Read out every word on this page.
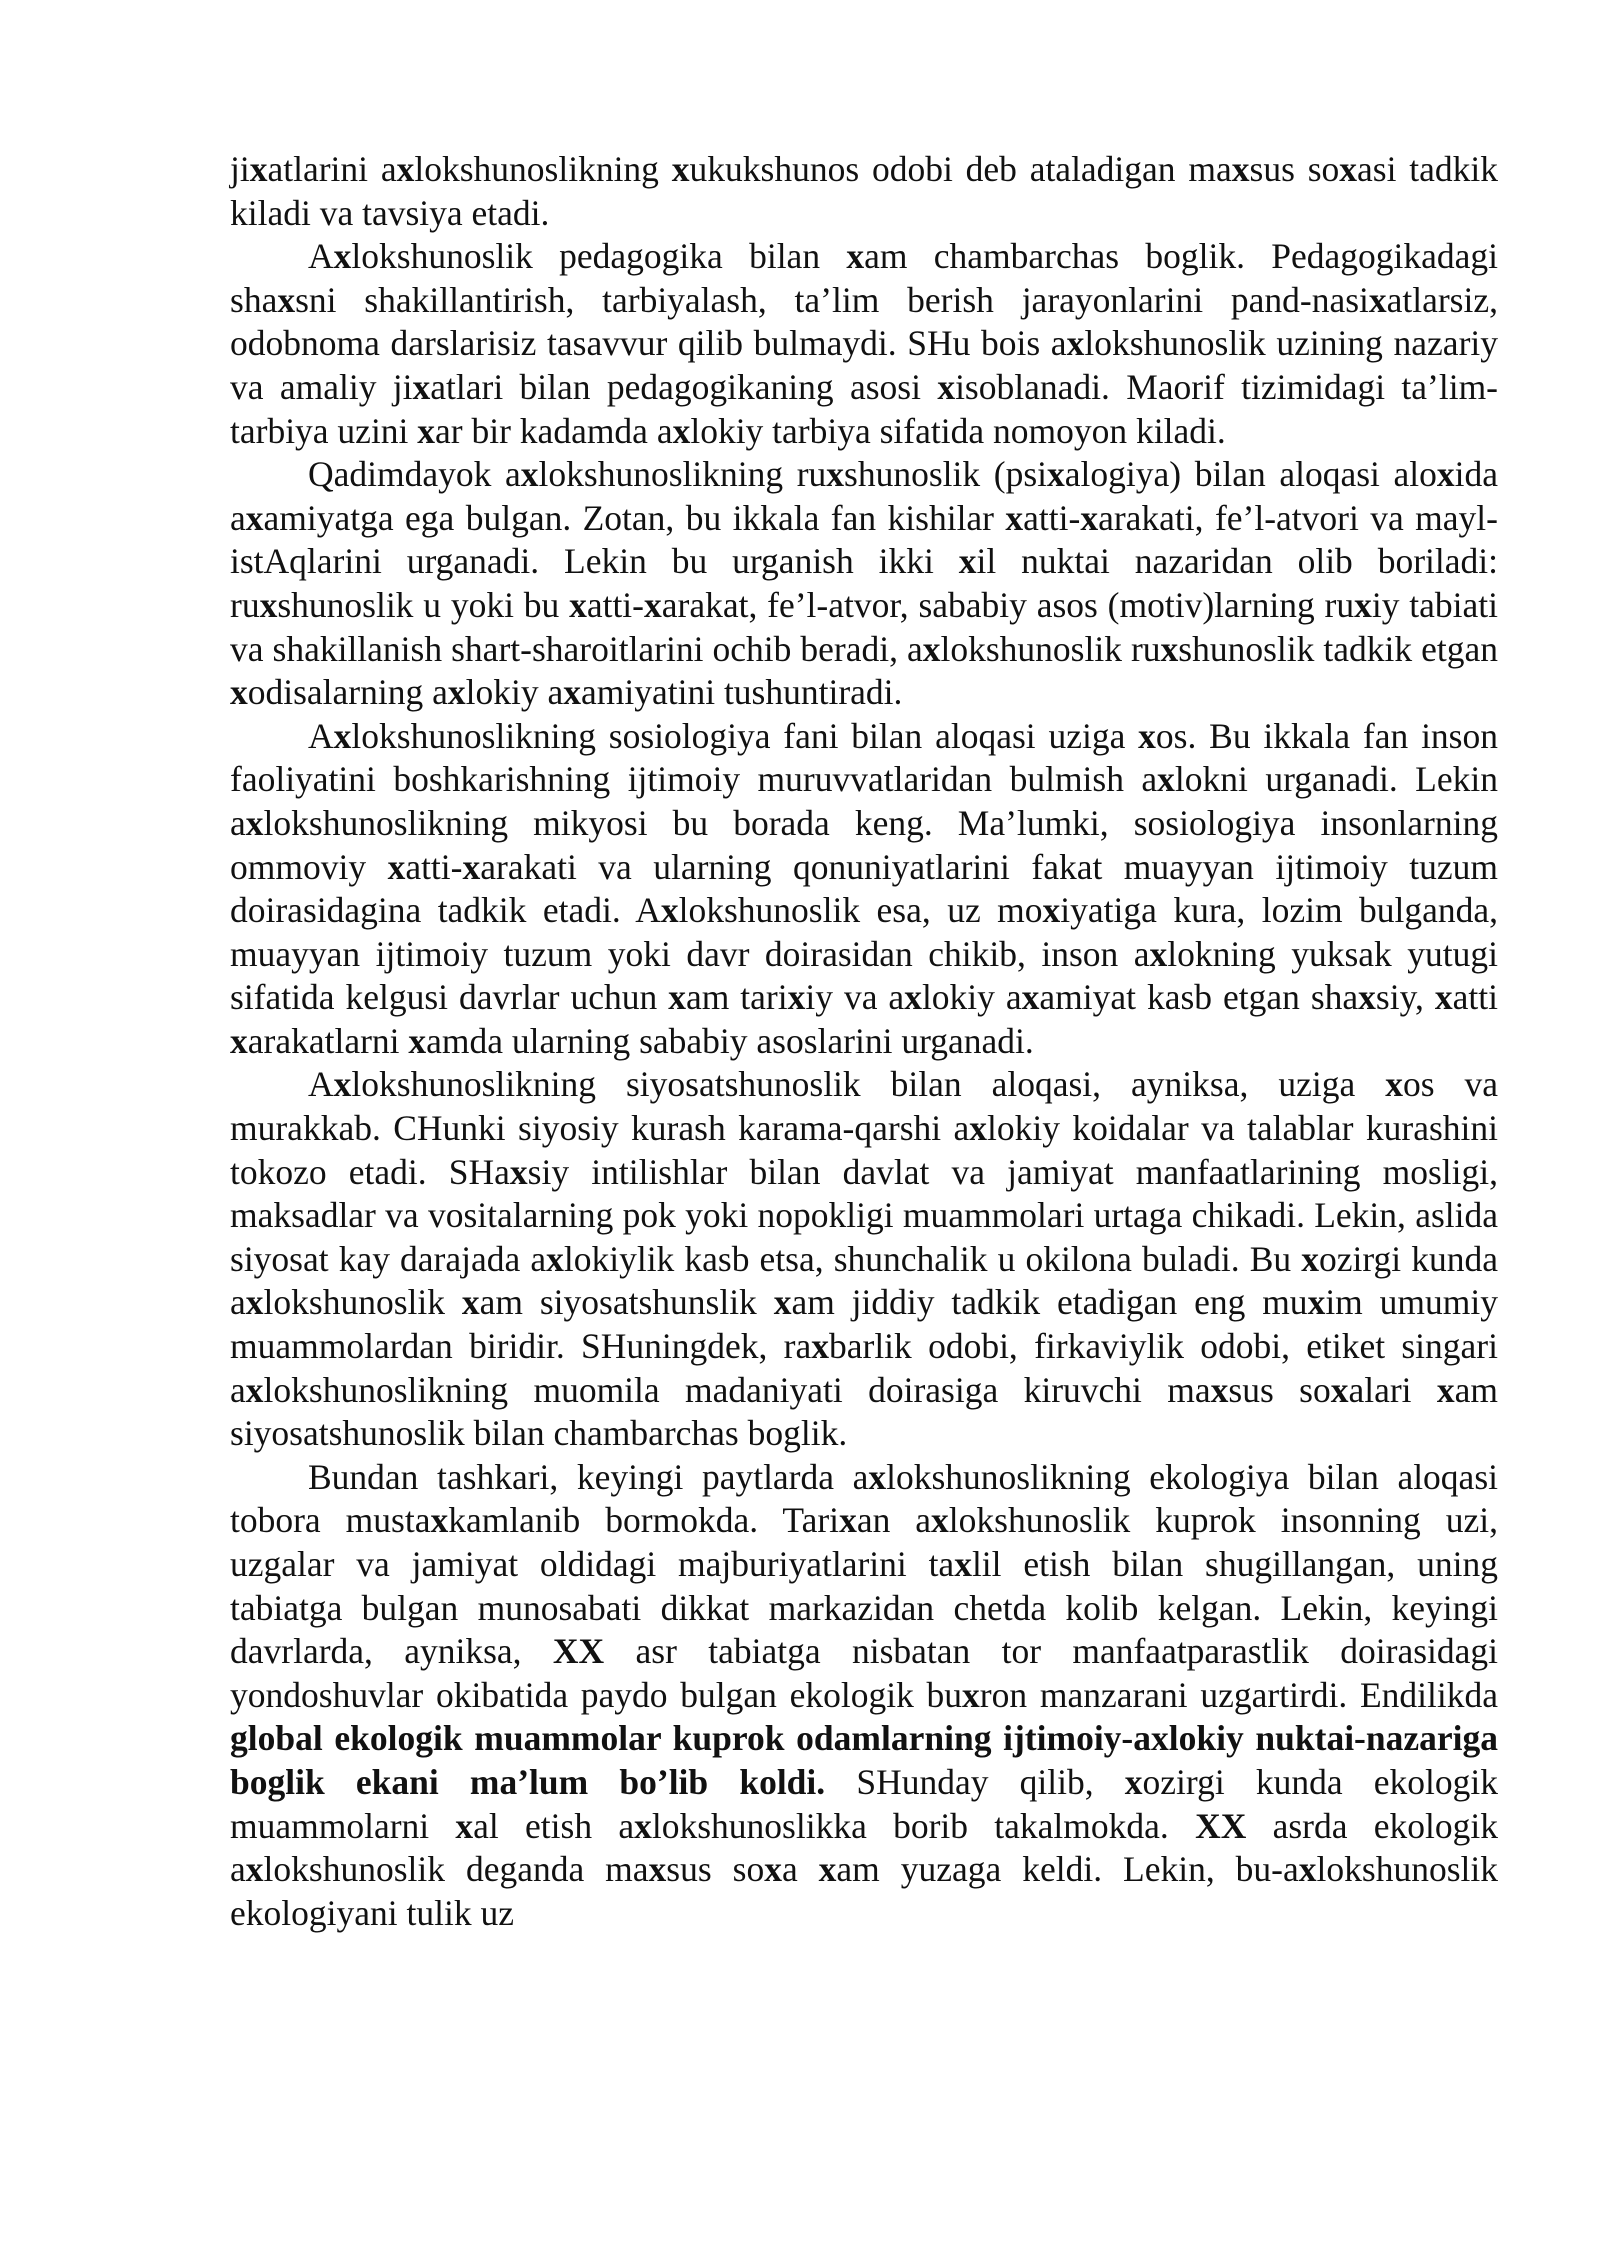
jixatlarini axlokshunoslikning xukukshunos odobi deb ataladigan maxsus soxasi tadkik kiladi va tavsiya etadi.

Axlokshunoslik pedagogika bilan xam chambarchas boglik. Pedagogikadagi shaxsni shakillantirish, tarbiyalash, ta’lim berish jarayonlarini pand-nasixatlarsiz, odobnoma darslarisiz tasavvur qilib bulmaydi. SHu bois axlokshunoslik uzining nazariy va amaliy jixatlari bilan pedagogikaning asosi xisoblanadi. Maorif tizimidagi ta’lim-tarbiya uzini xar bir kadamda axlokiy tarbiya sifatida nomoyon kiladi.

Qadimdayok axlokshunoslikning ruxshunoslik (psixalogiya) bilan aloqasi aloxida axamiyatga ega bulgan. Zotan, bu ikkala fan kishilar xatti-xarakati, fe’l-atvori va mayl-istAqlarini urganadi. Lekin bu urganish ikki xil nuktai nazaridan olib boriladi: ruxshunoslik u yoki bu xatti-xarakat, fe’l-atvor, sababiy asos (motiv)larning ruxiy tabiati va shakillanish shart-sharoitlarini ochib beradi, axlokshunoslik ruxshunoslik tadkik etgan xodisalarning axlokiy axamiyatini tushuntiradi.

Axlokshunoslikning sosiologiya fani bilan aloqasi uziga xos. Bu ikkala fan inson faoliyatini boshkarishning ijtimoiy muruvvatlaridan bulmish axlokni urganadi. Lekin axlokshunoslikning mikyosi bu borada keng. Ma’lumki, sosiologiya insonlarning ommoviy xatti-xarakati va ularning qonuniyatlarini fakat muayyan ijtimoiy tuzum doirasidagina tadkik etadi. Axlokshunoslik esa, uz moxiyatiga kura, lozim bulganda, muayyan ijtimoiy tuzum yoki davr doirasidan chikib, inson axlokning yuksak yutugi sifatida kelgusi davrlar uchun xam tarixiy va axlokiy axamiyat kasb etgan shaxsiy, xatti xarakatlarni xamda ularning sababiy asoslarini urganadi.

Axlokshunoslikning siyosatshunoslik bilan aloqasi, ayniksa, uziga xos va murakkab. CHunki siyosiy kurash karama-qarshi axlokiy koidalar va talablar kurashini tokozo etadi. SHaxsiy intilishlar bilan davlat va jamiyat manfaatlarining mosligi, maksadlar va vositalarning pok yoki nopokligi muammolari urtaga chikadi. Lekin, aslida siyosat kay darajada axlokiylik kasb etsa, shunchalik u okilona buladi. Bu xozirgi kunda axlokshunoslik xam siyosatshunslik xam jiddiy tadkik etadigan eng muxim umumiy muammolardan biridir. SHuningdek, raxbarlik odobi, firkaviylik odobi, etiket singari axlokshunoslikning muomila madaniyati doirasiga kiruvchi maxsus soxalari xam siyosatshunoslik bilan chambarchas boglik.

Bundan tashkari, keyingi paytlarda axlokshunoslikning ekologiya bilan aloqasi tobora mustaxkamlanib bormokda. Tarixan axlokshunoslik kuprok insonning uzi, uzgalar va jamiyat oldidagi majburiyatlarini taxlil etish bilan shugillangan, uning tabiatga bulgan munosabati dikkat markazidan chetda kolib kelgan. Lekin, keyingi davrlarda, ayniksa, XX asr tabiatga nisbatan tor manfaatparastlik doirasidagi yondoshuvlar okibatida paydo bulgan ekologik buxron manzarani uzgartirdi. Endilikda global ekologik muammolar kuprok odamlarning ijtimoiy-axlokiy nuktai-nazariga boglik ekani ma’lum bo’lib koldi. SHunday qilib, xozirgi kunda ekologik muammolarni xal etish axlokshunoslikka borib takalmokda. XX asrda ekologik axlokshunoslik deganda maxsus soxa xam yuzaga keldi. Lekin, bu-axlokshunoslik ekologiyani tulik uz
